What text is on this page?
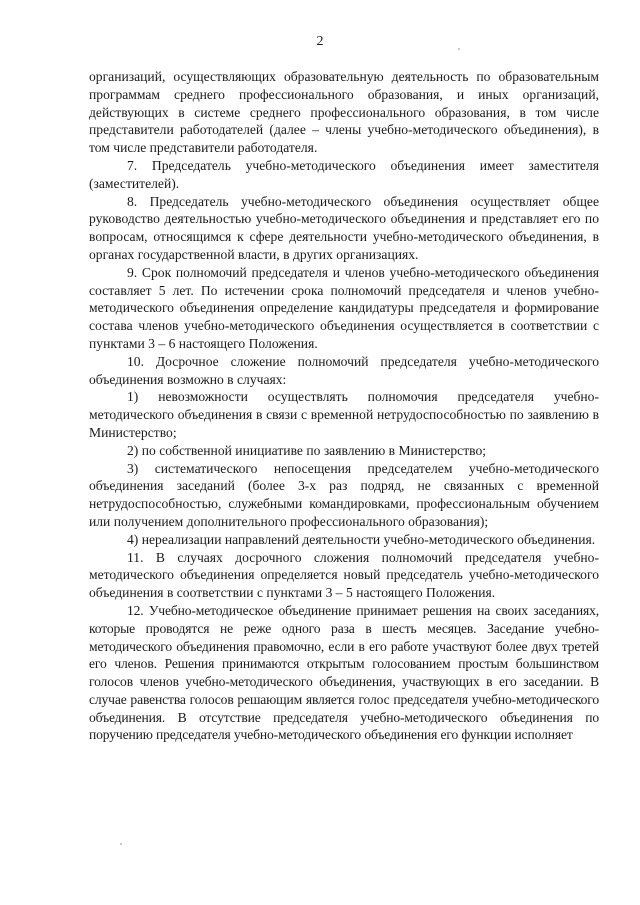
2

организаций, осуществляющих образовательную деятельность по образовательным программам среднего профессионального образования, и иных организаций, действующих в системе среднего профессионального образования, в том числе представители работодателей (далее – члены учебно-методического объединения), в том числе представители работодателя.

7. Председатель учебно-методического объединения имеет заместителя (заместителей).

8. Председатель учебно-методического объединения осуществляет общее руководство деятельностью учебно-методического объединения и представляет его по вопросам, относящимся к сфере деятельности учебно-методического объединения, в органах государственной власти, в других организациях.

9. Срок полномочий председателя и членов учебно-методического объединения составляет 5 лет. По истечении срока полномочий председателя и членов учебно-методического объединения определение кандидатуры председателя и формирование состава членов учебно-методического объединения осуществляется в соответствии с пунктами 3 – 6 настоящего Положения.

10. Досрочное сложение полномочий председателя учебно-методического объединения возможно в случаях:

1) невозможности осуществлять полномочия председателя учебно-методического объединения в связи с временной нетрудоспособностью по заявлению в Министерство;

2) по собственной инициативе по заявлению в Министерство;

3) систематического непосещения председателем учебно-методического объединения заседаний (более 3-х раз подряд, не связанных с временной нетрудоспособностью, служебными командировками, профессиональным обучением или получением дополнительного профессионального образования);

4) нереализации направлений деятельности учебно-методического объединения.

11. В случаях досрочного сложения полномочий председателя учебно-методического объединения определяется новый председатель учебно-методического объединения в соответствии с пунктами 3 – 5 настоящего Положения.

12. Учебно-методическое объединение принимает решения на своих заседаниях, которые проводятся не реже одного раза в шесть месяцев. Заседание учебно-методического объединения правомочно, если в его работе участвуют более двух третей его членов. Решения принимаются открытым голосованием простым большинством голосов членов учебно-методического объединения, участвующих в его заседании. В случае равенства голосов решающим является голос председателя учебно-методического объединения. В отсутствие председателя учебно-методического объединения по поручению председателя учебно-методического объединения его функции исполняет
